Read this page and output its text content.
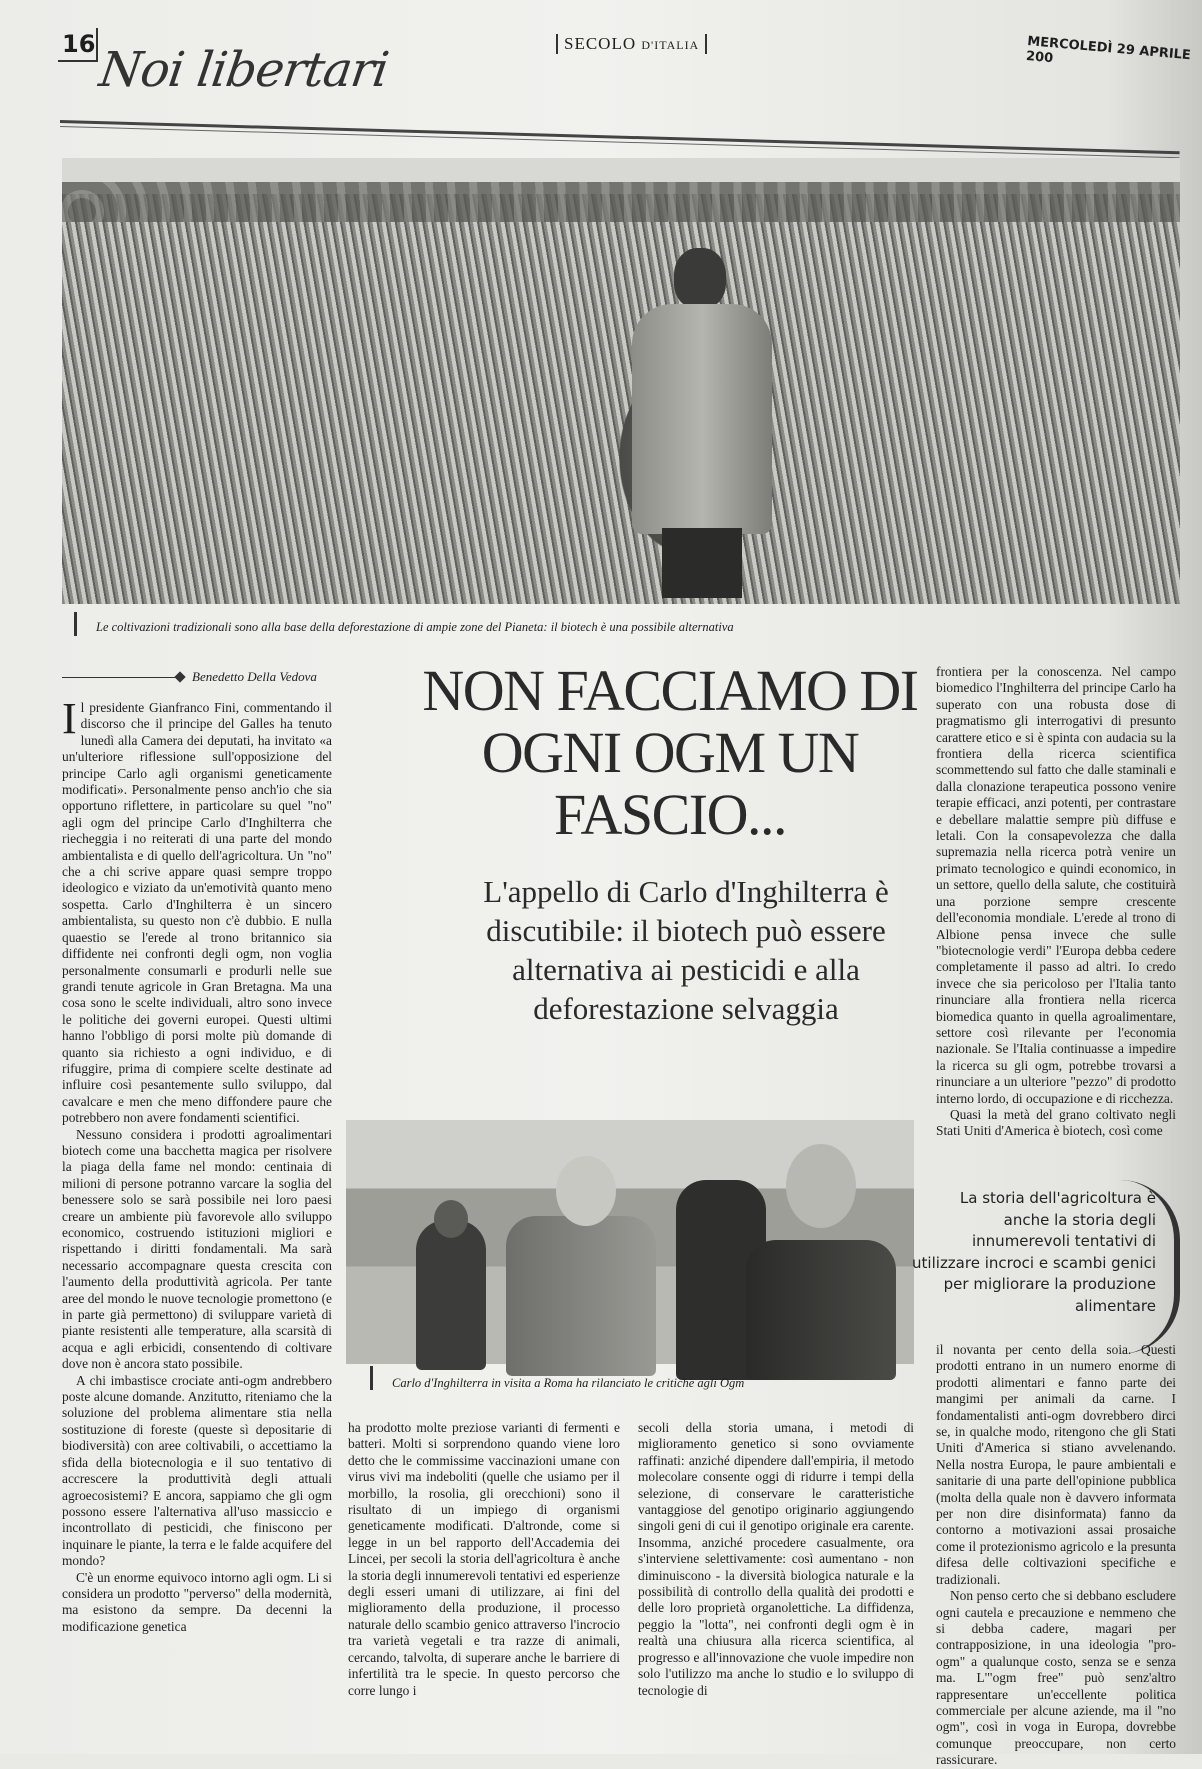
16 Noi libertari	SECOLO D'ITALIA	MERCOLEDÌ 29 APRILE 200
Le coltivazioni tradizionali sono alla base della deforestazione di ampie zone del Pianeta: il biotech è una possibile alternativa
Benedetto Della Vedova NON FACCIAMO DI OGNI OGM UN FASCIO...
L'appello di Carlo d'Inghilterra è discutibile: il biotech può essere alternativa ai pesticidi e alla deforestazione selvaggia

Il presidente Gianfranco Fini, commentando il discorso che il principe del Galles ha tenuto lunedì alla Camera dei deputati, ha invitato «a un'ulteriore riflessione sull'opposizione del principe Carlo agli organismi geneticamente modificati». Personalmente penso anch'io che sia opportuno riflettere, in particolare su quel "no" agli ogm del principe Carlo d'Inghilterra che riecheggia i no reiterati di una parte del mondo ambientalista e di quello dell'agricoltura. Un "no" che a chi scrive appare quasi sempre troppo ideologico e viziato da un'emotività quanto meno sospetta. Carlo d'Inghilterra è un sincero ambientalista, su questo non c'è dubbio. E nulla quaestio se l'erede al trono britannico sia diffidente nei confronti degli ogm, non voglia personalmente consumarli e produrli nelle sue grandi tenute agricole in Gran Bretagna. Ma una cosa sono le scelte individuali, altro sono invece le politiche dei governi europei. Questi ultimi hanno l'obbligo di porsi molte più domande di quanto sia richiesto a ogni individuo, e di rifuggire, prima di compiere scelte destinate ad influire così pesantemente sullo sviluppo, dal cavalcare e men che meno diffondere paure che potrebbero non avere fondamenti scientifici.

Nessuno considera i prodotti agroalimentari biotech come una bacchetta magica per risolvere la piaga della fame nel mondo: centinaia di milioni di persone potranno varcare la soglia del benessere solo se sarà possibile nei loro paesi creare un ambiente più favorevole allo sviluppo economico, costruendo istituzioni migliori e rispettando i diritti fondamentali. Ma sarà necessario accompagnare questa crescita con l'aumento della produttività agricola. Per tante aree del mondo le nuove tecnologie promettono (e in parte già permettono) di sviluppare varietà di piante resistenti alle temperature, alla scarsità di acqua e agli erbicidi, consentendo di coltivare dove non è ancora stato possibile.

A chi imbastisce crociate anti-ogm andrebbero poste alcune domande. Anzitutto, riteniamo che la soluzione del problema alimentare stia nella sostituzione di foreste (queste sì depositarie di biodiversità) con aree coltivabili, o accettiamo la sfida della biotecnologia e il suo tentativo di accrescere la produttività degli attuali agroecosistemi? E ancora, sappiamo che gli ogm possono essere l'alternativa all'uso massiccio e incontrollato di pesticidi, che finiscono per inquinare le piante, la terra e le falde acquifere del mondo?

C'è un enorme equivoco intorno agli ogm. Li si considera un prodotto "perverso" della modernità, ma esistono da sempre. Da decenni la modificazione genetica

Carlo d'Inghilterra in visita a Roma ha rilanciato le critiche agli Ogm

ha prodotto molte preziose varianti di fermenti e batteri. Molti si sorprendono quando viene loro detto che le commissime vaccinazioni umane con virus vivi ma indeboliti (quelle che usiamo per il morbillo, la rosolia, gli orecchioni) sono il risultato di un impiego di organismi geneticamente modificati. D'altronde, come si legge in un bel rapporto dell'Accademia dei Lincei, per secoli la storia dell'agricoltura è anche la storia degli innumerevoli tentativi ed esperienze degli esseri umani di utilizzare, ai fini del miglioramento della produzione, il processo naturale dello scambio genico attraverso l'incrocio tra varietà vegetali e tra razze di animali, cercando, talvolta, di superare anche le barriere di infertilità tra le specie. In questo percorso che corre lungo i

secoli della storia umana, i metodi di miglioramento genetico si sono ovviamente raffinati: anziché dipendere dall'empiria, il metodo molecolare consente oggi di ridurre i tempi della selezione, di conservare le caratteristiche vantaggiose del genotipo originario aggiungendo singoli geni di cui il genotipo originale era carente. Insomma, anziché procedere casualmente, ora s'interviene selettivamente: così aumentano - non diminuiscono - la diversità biologica naturale e la possibilità di controllo della qualità dei prodotti e delle loro proprietà organolettiche. La diffidenza, peggio la "lotta", nei confronti degli ogm è in realtà una chiusura alla ricerca scientifica, al progresso e all'innovazione che vuole impedire non solo l'utilizzo ma anche lo studio e lo sviluppo di tecnologie di

frontiera per la conoscenza. Nel campo biomedico l'Inghilterra del principe Carlo ha superato con una robusta dose di pragmatismo gli interrogativi di presunto carattere etico e si è spinta con audacia su la frontiera della ricerca scientifica scommettendo sul fatto che dalle staminali e dalla clonazione terapeutica possono venire terapie efficaci, anzi potenti, per contrastare e debellare malattie sempre più diffuse e letali. Con la consapevolezza che dalla supremazia nella ricerca potrà venire un primato tecnologico e quindi economico, in un settore, quello della salute, che costituirà una porzione sempre crescente dell'economia mondiale. L'erede al trono di Albione pensa invece che sulle "biotecnologie verdi" l'Europa debba cedere completamente il passo ad altri. Io credo invece che sia pericoloso per l'Italia tanto rinunciare alla frontiera nella ricerca biomedica quanto in quella agroalimentare, settore così rilevante per l'economia nazionale. Se l'Italia continuasse a impedire la ricerca su gli ogm, potrebbe trovarsi a rinunciare a un ulteriore "pezzo" di prodotto interno lordo, di occupazione e di ricchezza.

Quasi la metà del grano coltivato negli Stati Uniti d'America è biotech, così come

La storia dell'agricoltura è anche la storia degli innumerevoli tentativi di utilizzare incroci e scambi genici per migliorare la produzione alimentare

il novanta per cento della soia. Questi prodotti entrano in un numero enorme di prodotti alimentari e fanno parte dei mangimi per animali da carne. I fondamentalisti anti-ogm dovrebbero dirci se, in qualche modo, ritengono che gli Stati Uniti d'America si stiano avvelenando. Nella nostra Europa, le paure ambientali e sanitarie di una parte dell'opinione pubblica (molta della quale non è davvero informata per non dire disinformata) fanno da contorno a motivazioni assai prosaiche come il protezionismo agricolo e la presunta difesa delle coltivazioni specifiche e tradizionali.

Non penso certo che si debbano escludere ogni cautela e precauzione e nemmeno che si debba cadere, magari per contrapposizione, in una ideologia "pro-ogm" a qualunque costo, senza se e senza ma. L'"ogm free" può senz'altro rappresentare un'eccellente politica commerciale per alcune aziende, ma il "no ogm", così in voga in Europa, dovrebbe comunque preoccupare, non certo rassicurare.
